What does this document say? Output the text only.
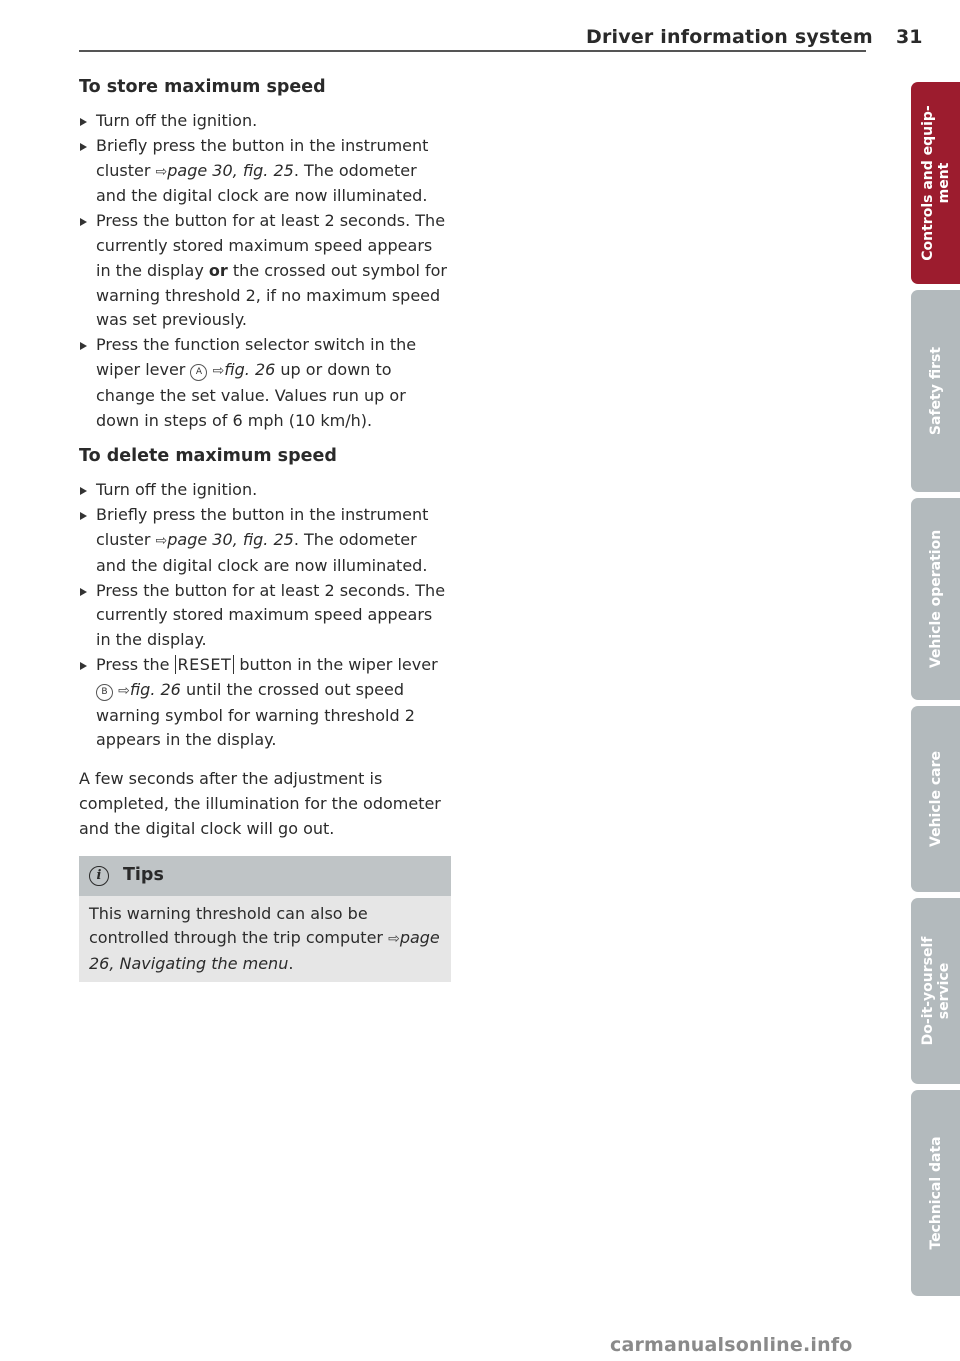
Driver information system 31
To store maximum speed
Turn off the ignition.
Briefly press the button in the instrument cluster ⇨page 30, fig. 25. The odometer and the digital clock are now illuminated.
Press the button for at least 2 seconds. The currently stored maximum speed appears in the display or the crossed out symbol for warning threshold 2, if no maximum speed was set previously.
Press the function selector switch in the wiper lever A ⇨fig. 26 up or down to change the set value. Values run up or down in steps of 6 mph (10 km/h).
To delete maximum speed
Turn off the ignition.
Briefly press the button in the instrument cluster ⇨page 30, fig. 25. The odometer and the digital clock are now illuminated.
Press the button for at least 2 seconds. The currently stored maximum speed appears in the display.
Press the RESET button in the wiper lever B ⇨fig. 26 until the crossed out speed warning symbol for warning threshold 2 appears in the display.

A few seconds after the adjustment is completed, the illumination for the odometer and the digital clock will go out.

i	Tips
This warning threshold can also be controlled through the trip computer ⇨page 26, Navigating the menu.
Controls and equip-
ment
Safety first
Vehicle operation
Vehicle care
Do-it-yourself
service
Technical data
carmanualsonline.info
